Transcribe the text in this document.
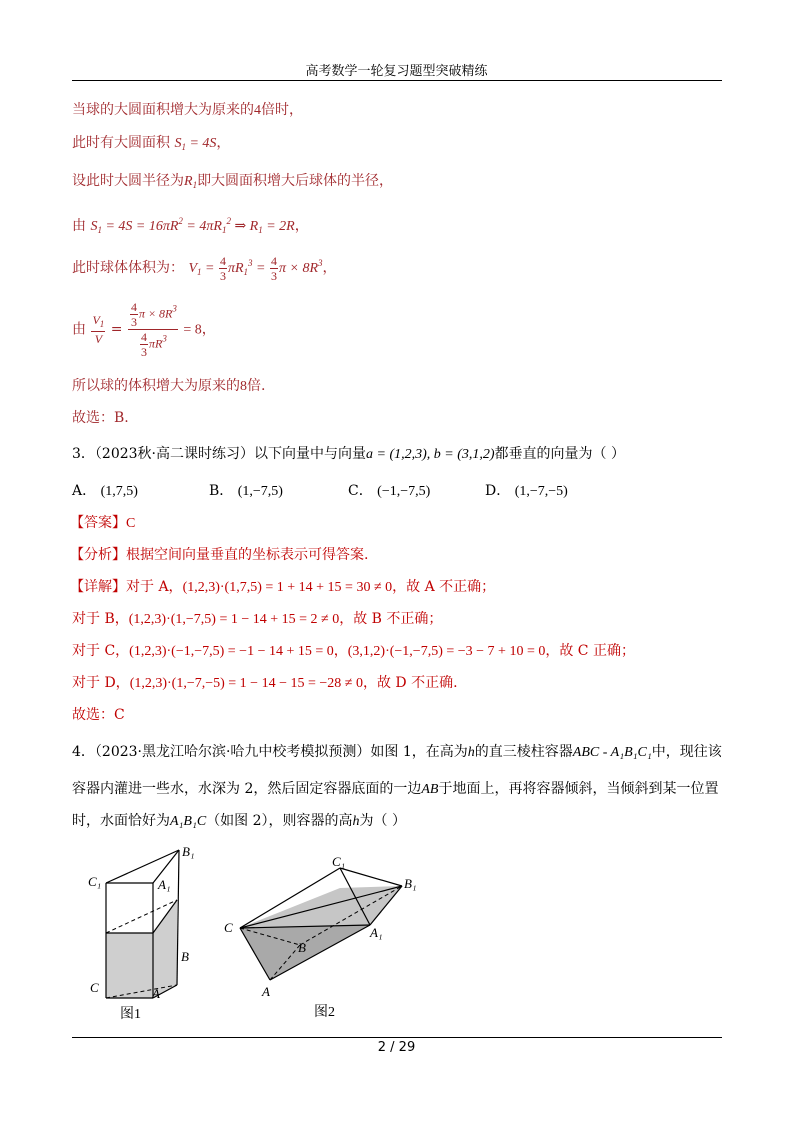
高考数学一轮复习题型突破精练
当球的大圆面积增大为原来的4倍时，
此时有大圆面积 $S_1 = 4S$，
设此时大圆半径为$R_1$即大圆面积增大后球体的半径，
由 $S_1 = 4S = 16\pi R^2 = 4\pi R_1^2$ ⇒ $R_1 = 2R$，
此时球体体积为： $V_1 = \frac{4}{3} \pi R_1^3 = \frac{4}{3}$ $\pi \times 8R^3$，
由 $\frac{V_1}{V} = \frac{\frac{4}{3} \pi \times 8R^3}{\frac{4}{3} \pi R^3} = 8$，
所以球的体积增大为原来的8倍.
故选：B.
3．（2023秋·高二课时练习）以下向量中与向量a = (1,2,3), b = (3,1,2)都垂直的向量为（ ）
A． (1,7,5)	B． (1,−7,5)	C． (−1,−7,5)	D． (1,−7,−5)
【答案】C
【分析】根据空间向量垂直的坐标表示可得答案.
【详解】对于 A，(1,2,3)·(1,7,5) = 1 + 14 + 15 = 30 ≠ 0，故 A 不正确；
对于 B，(1,2,3)·(1,−7,5) = 1 − 14 + 15 = 2 ≠ 0，故 B 不正确；
对于 C，(1,2,3)·(−1,−7,5) = −1 − 14 + 15 = 0，(3,1,2)·(−1,−7,5) = −3 − 7 + 10 = 0，故 C 正确；
对于 D，(1,2,3)·(1,−7,−5) = 1 − 14 − 15 = −28 ≠ 0，故 D 不正确.
故选：C
4．（2023·黑龙江哈尔滨·哈九中校考模拟预测）如图 1，在高为h的直三棱柱容器ABC - A₁B₁C₁中，现往该
容器内灌进一些水，水深为 2，然后固定容器底面的一边AB于地面上，再将容器倾斜，当倾斜到某一位置
时，水面恰好为A₁B₁C（如图 2），则容器的高h为（ ）
B₁
C₁	A₁
B
C	A
图1
C₁
B₁
C	A₁
B
A
图2
2 / 29
